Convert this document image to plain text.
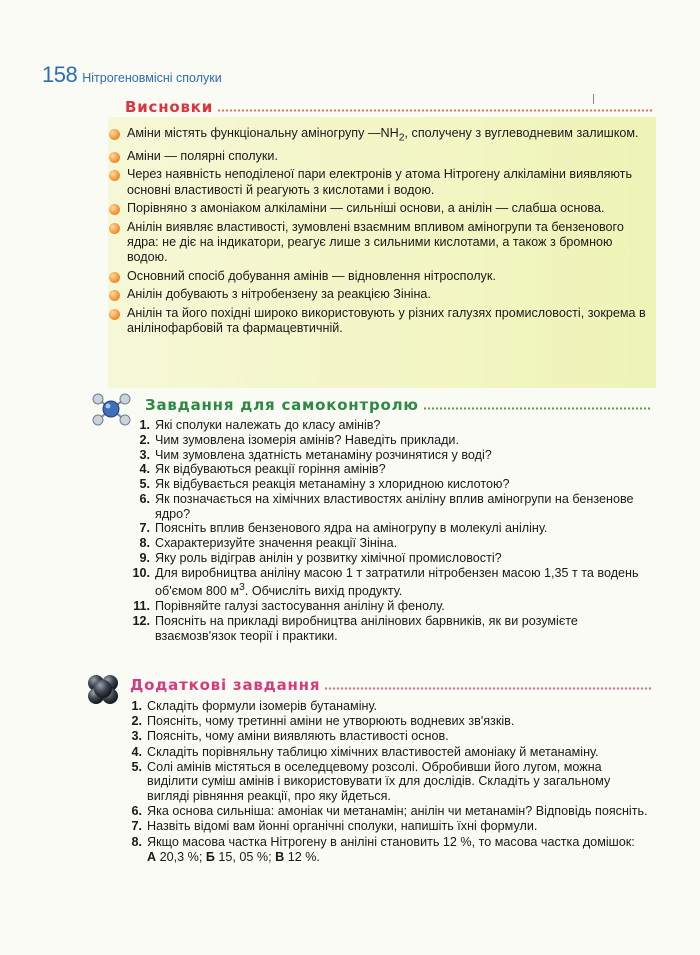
158 Нітрогеновмісні сполуки
Висновки
Аміни містять функціональну аміногрупу $—NH_2$, сполучену з вуглеводневим залишком.
Аміни — полярні сполуки.
Через наявність неподіленої пари електронів у атома Нітрогену алкіламіни виявляють основні властивості й реагують з кислотами і водою.
Порівняно з амоніаком алкіламіни — сильніші основи, а анілін — слабша основа.
Анілін виявляє властивості, зумовлені взаємним впливом аміногрупи та бензенового ядра: не діє на індикатори, реагує лише з сильними кислотами, а також з бромною водою.
Основний спосіб добування амінів — відновлення нітросполук.
Анілін добувають з нітробензену за реакцією Зініна.
Анілін та його похідні широко використовують у різних галузях промисловості, зокрема в анілінофарбовій та фармацевтичній.
Завдання для самоконтролю
1. Які сполуки належать до класу амінів?
2. Чим зумовлена ізомерія амінів? Наведіть приклади.
3. Чим зумовлена здатність метанаміну розчинятися у воді?
4. Як відбуваються реакції горіння амінів?
5. Як відбувається реакція метанаміну з хлоридною кислотою?
6. Як позначається на хімічних властивостях аніліну вплив аміногрупи на бензенове ядро?
7. Поясніть вплив бензенового ядра на аміногрупу в молекулі аніліну.
8. Схарактеризуйте значення реакції Зініна.
9. Яку роль відіграв анілін у розвитку хімічної промисловості?
10. Для виробництва аніліну масою 1 т затратили нітробензен масою 1,35 т та водень об'ємом 800 $м^3$. Обчисліть вихід продукту.
11. Порівняйте галузі застосування аніліну й фенолу.
12. Поясніть на прикладі виробництва анілінових барвників, як ви розумієте взаємозв'язок теорії і практики.
Додаткові завдання
1. Складіть формули ізомерів бутанаміну.
2. Поясніть, чому третинні аміни не утворюють водневих зв'язків.
3. Поясніть, чому аміни виявляють властивості основ.
4. Складіть порівняльну таблицю хімічних властивостей амоніаку й метанаміну.
5. Солі амінів містяться в оселедцевому розсолі. Обробивши його лугом, можна виділити суміш амінів і використовувати їх для дослідів. Складіть у загальному вигляді рівняння реакції, про яку йдеться.
6. Яка основа сильніша: амоніак чи метанамін; анілін чи метанамін? Відповідь поясніть.
7. Назвіть відомі вам йонні органічні сполуки, напишіть їхні формули.
8. Якщо масова частка Нітрогену в аніліні становить 12 %, то масова частка домішок:
А 20,3 %; Б 15, 05 %; В 12 %.
